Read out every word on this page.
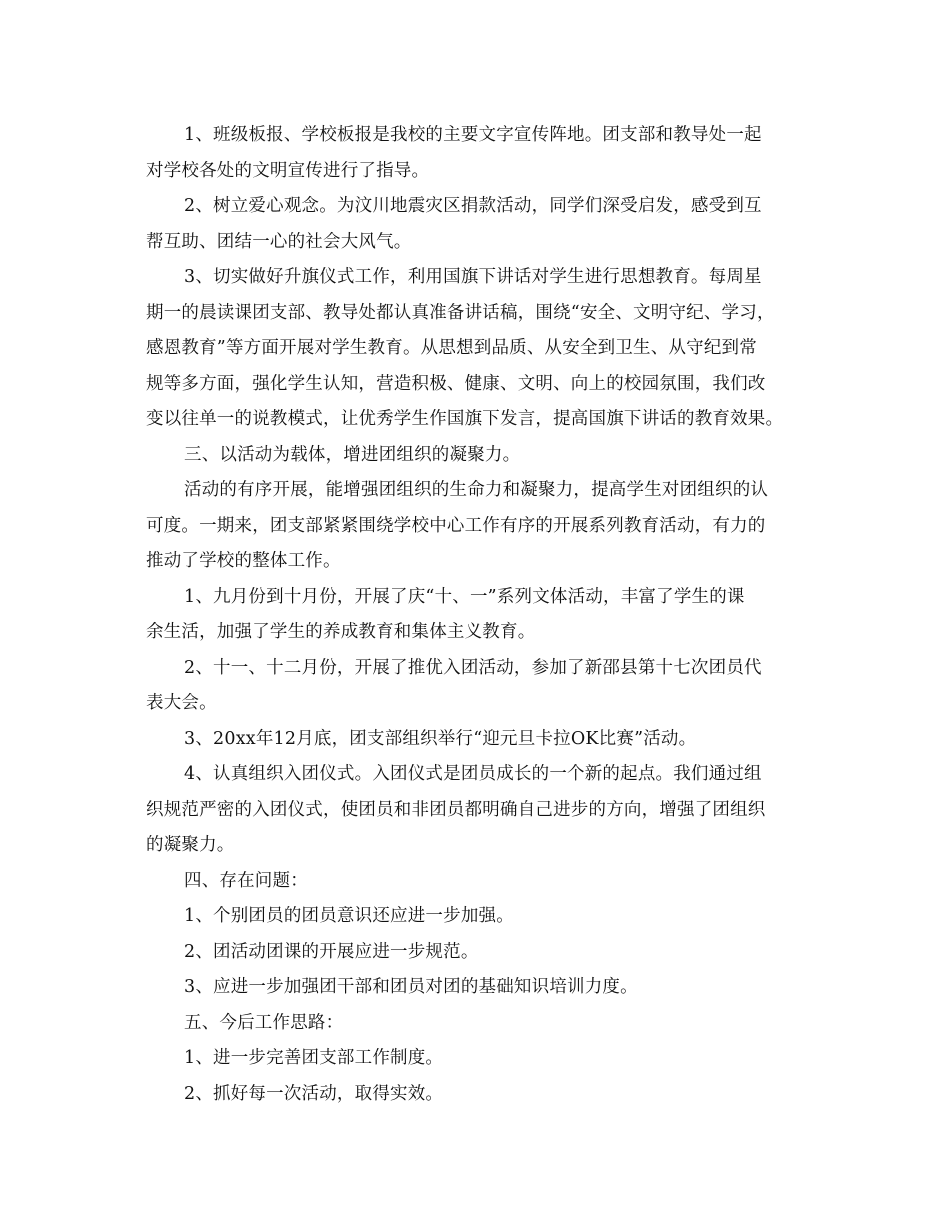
1、班级板报、学校板报是我校的主要文字宣传阵地。团支部和教导处一起
对学校各处的文明宣传进行了指导。
2、树立爱心观念。为汶川地震灾区捐款活动，同学们深受启发，感受到互
帮互助、团结一心的社会大风气。
3、切实做好升旗仪式工作，利用国旗下讲话对学生进行思想教育。每周星
期一的晨读课团支部、教导处都认真准备讲话稿，围绕“安全、文明守纪、学习，
感恩教育”等方面开展对学生教育。从思想到品质、从安全到卫生、从守纪到常
规等多方面，强化学生认知，营造积极、健康、文明、向上的校园氛围，我们改
变以往单一的说教模式，让优秀学生作国旗下发言，提高国旗下讲话的教育效果。
三、以活动为载体，增进团组织的凝聚力。
活动的有序开展，能增强团组织的生命力和凝聚力，提高学生对团组织的认
可度。一期来，团支部紧紧围绕学校中心工作有序的开展系列教育活动，有力的
推动了学校的整体工作。
1、九月份到十月份，开展了庆“十、一”系列文体活动，丰富了学生的课
余生活，加强了学生的养成教育和集体主义教育。
2、十一、十二月份，开展了推优入团活动，参加了新邵县第十七次团员代
表大会。
3、20xx年12月底，团支部组织举行“迎元旦卡拉OK比赛”活动。
4、认真组织入团仪式。入团仪式是团员成长的一个新的起点。我们通过组
织规范严密的入团仪式，使团员和非团员都明确自己进步的方向，增强了团组织
的凝聚力。
四、存在问题：
1、个别团员的团员意识还应进一步加强。
2、团活动团课的开展应进一步规范。
3、应进一步加强团干部和团员对团的基础知识培训力度。
五、今后工作思路：
1、进一步完善团支部工作制度。
2、抓好每一次活动，取得实效。
